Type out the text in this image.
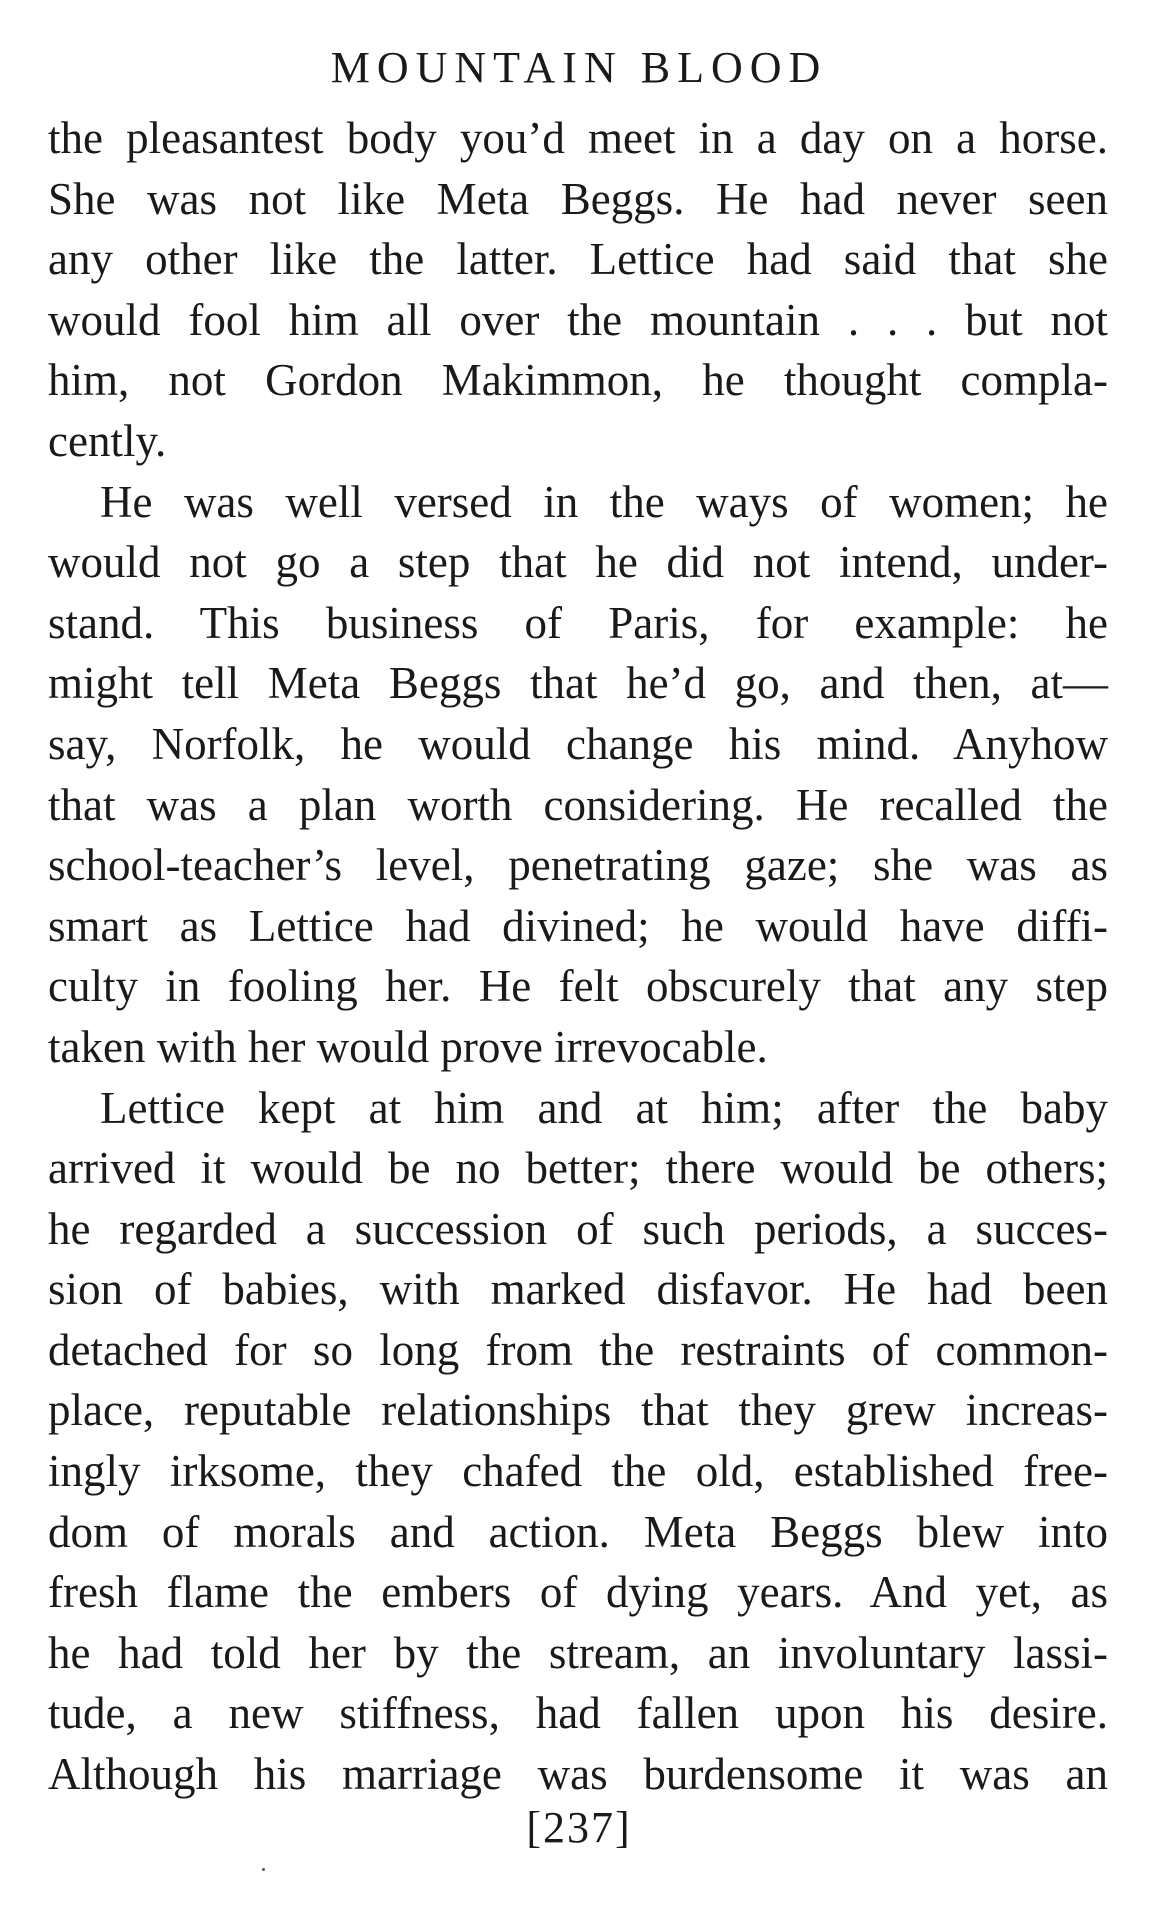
MOUNTAIN BLOOD
the pleasantest body you’d meet in a day on a horse.
She was not like Meta Beggs. He had never seen
any other like the latter. Lettice had said that she
would fool him all over the mountain . . . but not
him, not Gordon Makimmon, he thought compla-
cently.
He was well versed in the ways of women; he
would not go a step that he did not intend, under-
stand. This business of Paris, for example: he
might tell Meta Beggs that he’d go, and then, at—
say, Norfolk, he would change his mind. Anyhow
that was a plan worth considering. He recalled the
school-teacher’s level, penetrating gaze; she was as
smart as Lettice had divined; he would have diffi-
culty in fooling her. He felt obscurely that any step
taken with her would prove irrevocable.
Lettice kept at him and at him; after the baby
arrived it would be no better; there would be others;
he regarded a succession of such periods, a succes-
sion of babies, with marked disfavor. He had been
detached for so long from the restraints of common-
place, reputable relationships that they grew increas-
ingly irksome, they chafed the old, established free-
dom of morals and action. Meta Beggs blew into
fresh flame the embers of dying years. And yet, as
he had told her by the stream, an involuntary lassi-
tude, a new stiffness, had fallen upon his desire.
Although his marriage was burdensome it was an
[237]
